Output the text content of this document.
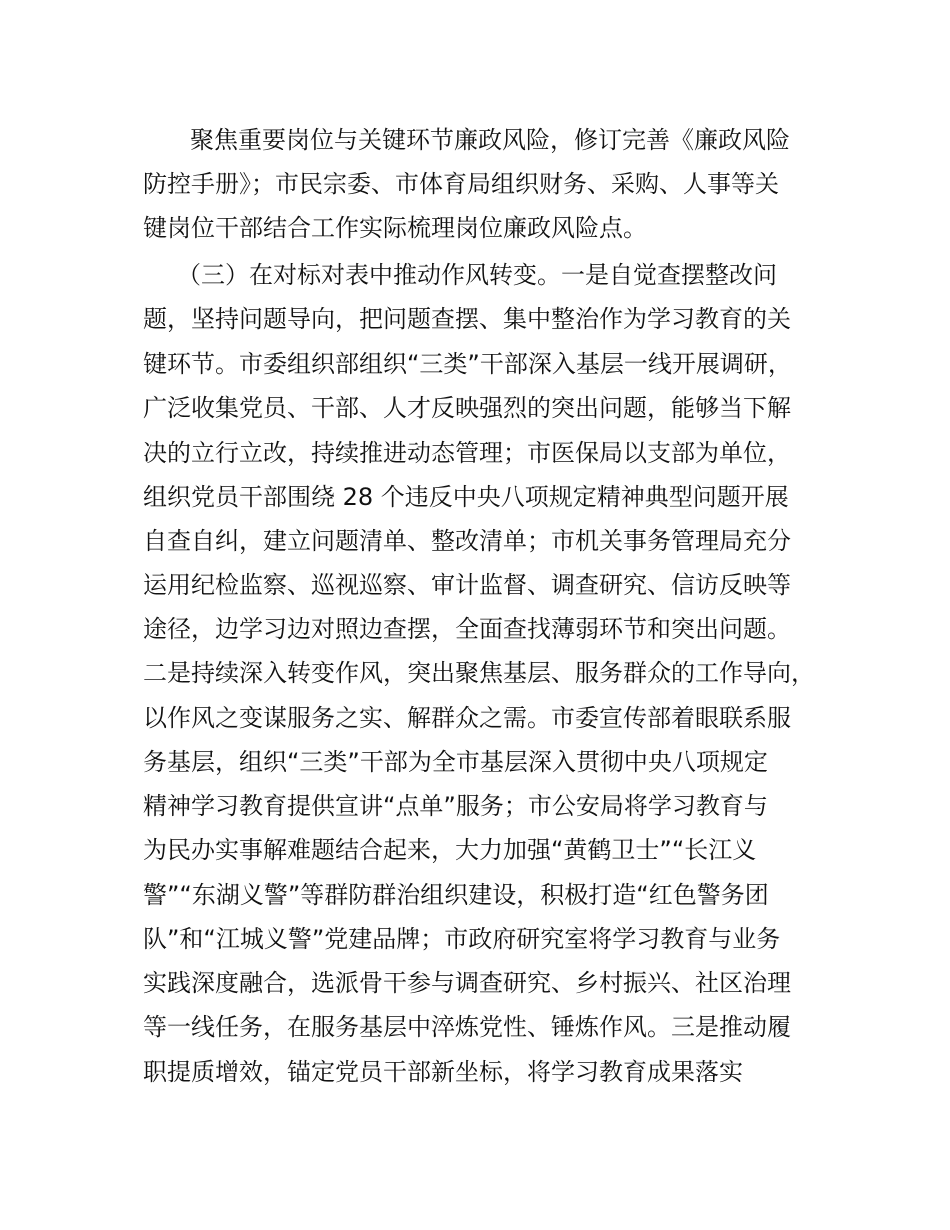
聚焦重要岗位与关键环节廉政风险，修订完善《廉政风险
防控手册》；市民宗委、市体育局组织财务、采购、人事等关
键岗位干部结合工作实际梳理岗位廉政风险点。
（三）在对标对表中推动作风转变。一是自觉查摆整改问
题，坚持问题导向，把问题查摆、集中整治作为学习教育的关
键环节。市委组织部组织“三类”干部深入基层一线开展调研，
广泛收集党员、干部、人才反映强烈的突出问题，能够当下解
决的立行立改，持续推进动态管理；市医保局以支部为单位，
组织党员干部围绕 28 个违反中央八项规定精神典型问题开展
自查自纠，建立问题清单、整改清单；市机关事务管理局充分
运用纪检监察、巡视巡察、审计监督、调查研究、信访反映等
途径，边学习边对照边查摆，全面查找薄弱环节和突出问题。
二是持续深入转变作风，突出聚焦基层、服务群众的工作导向，
以作风之变谋服务之实、解群众之需。市委宣传部着眼联系服
务基层，组织“三类”干部为全市基层深入贯彻中央八项规定
精神学习教育提供宣讲“点单”服务；市公安局将学习教育与
为民办实事解难题结合起来，大力加强“黄鹤卫士”“长江义
警”“东湖义警”等群防群治组织建设，积极打造“红色警务团
队”和“江城义警”党建品牌；市政府研究室将学习教育与业务
实践深度融合，选派骨干参与调查研究、乡村振兴、社区治理
等一线任务，在服务基层中淬炼党性、锤炼作风。三是推动履
职提质增效，锚定党员干部新坐标，将学习教育成果落实
